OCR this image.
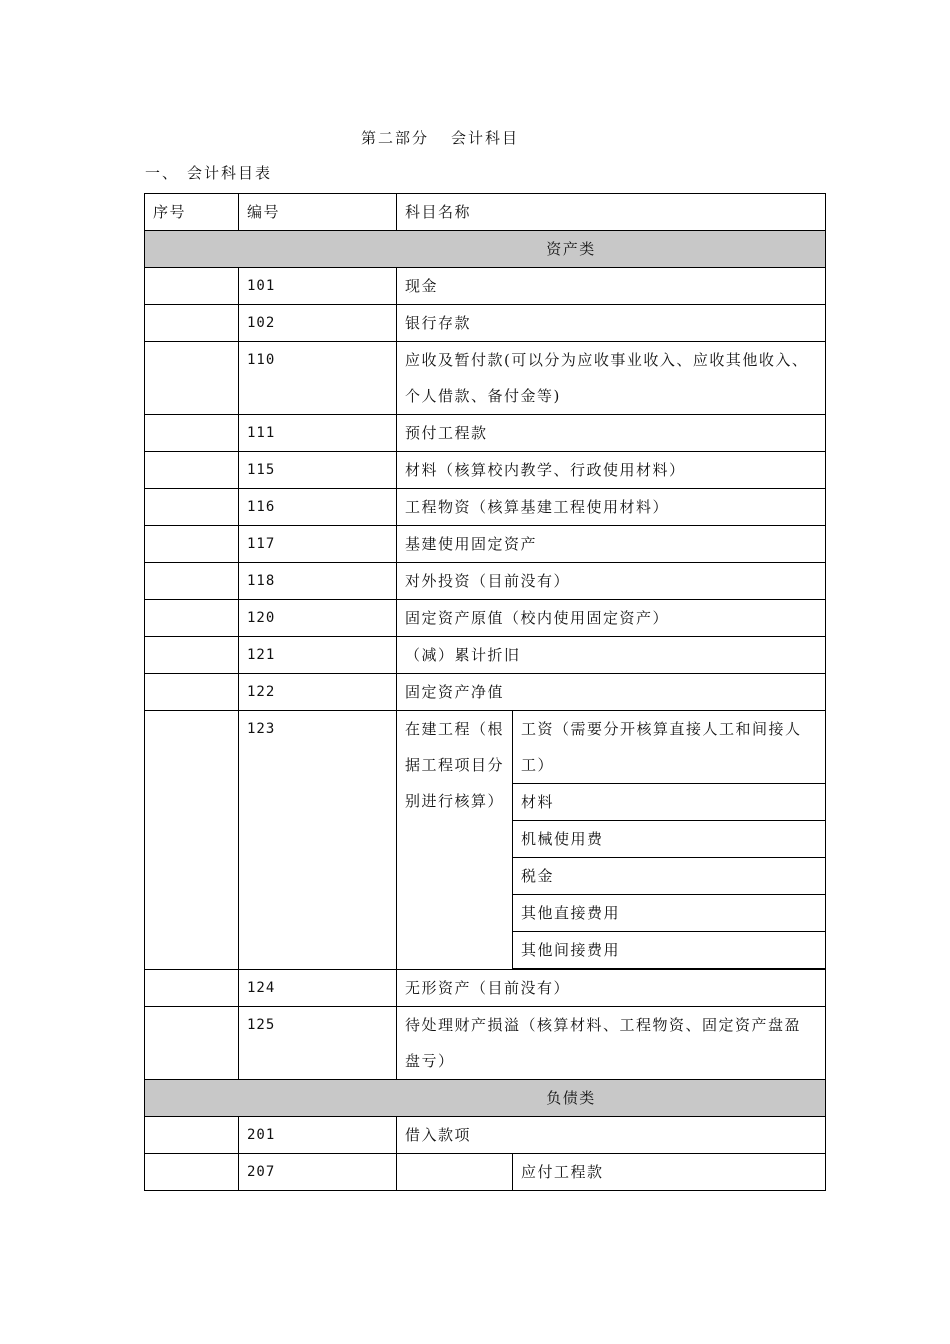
第二部分 会计科目
一、 会计科目表
序号	编号	科目名称	
资产类			
	101	现金	
	102	银行存款	
	110	应收及暂付款(可以分为应收事业收入、应收其他收入、个人借款、备付金等)	
	111	预付工程款	
	115	材料（核算校内教学、行政使用材料）	
	116	工程物资（核算基建工程使用材料）	
	117	基建使用固定资产	
	118	对外投资（目前没有）	
	120	固定资产原值（校内使用固定资产）	
	121	（减）累计折旧	
	122	固定资产净值	
	123	在建工程（根据工程项目分别进行核算）	工资（需要分开核算直接人工和间接人工）
			材料
			机械使用费
			税金
			其他直接费用
			其他间接费用

	124	无形资产（目前没有）	
	125	待处理财产损溢（核算材料、工程物资、固定资产盘盈盘亏）	
负债类			
	201	借入款项	
	207		应付工程款
